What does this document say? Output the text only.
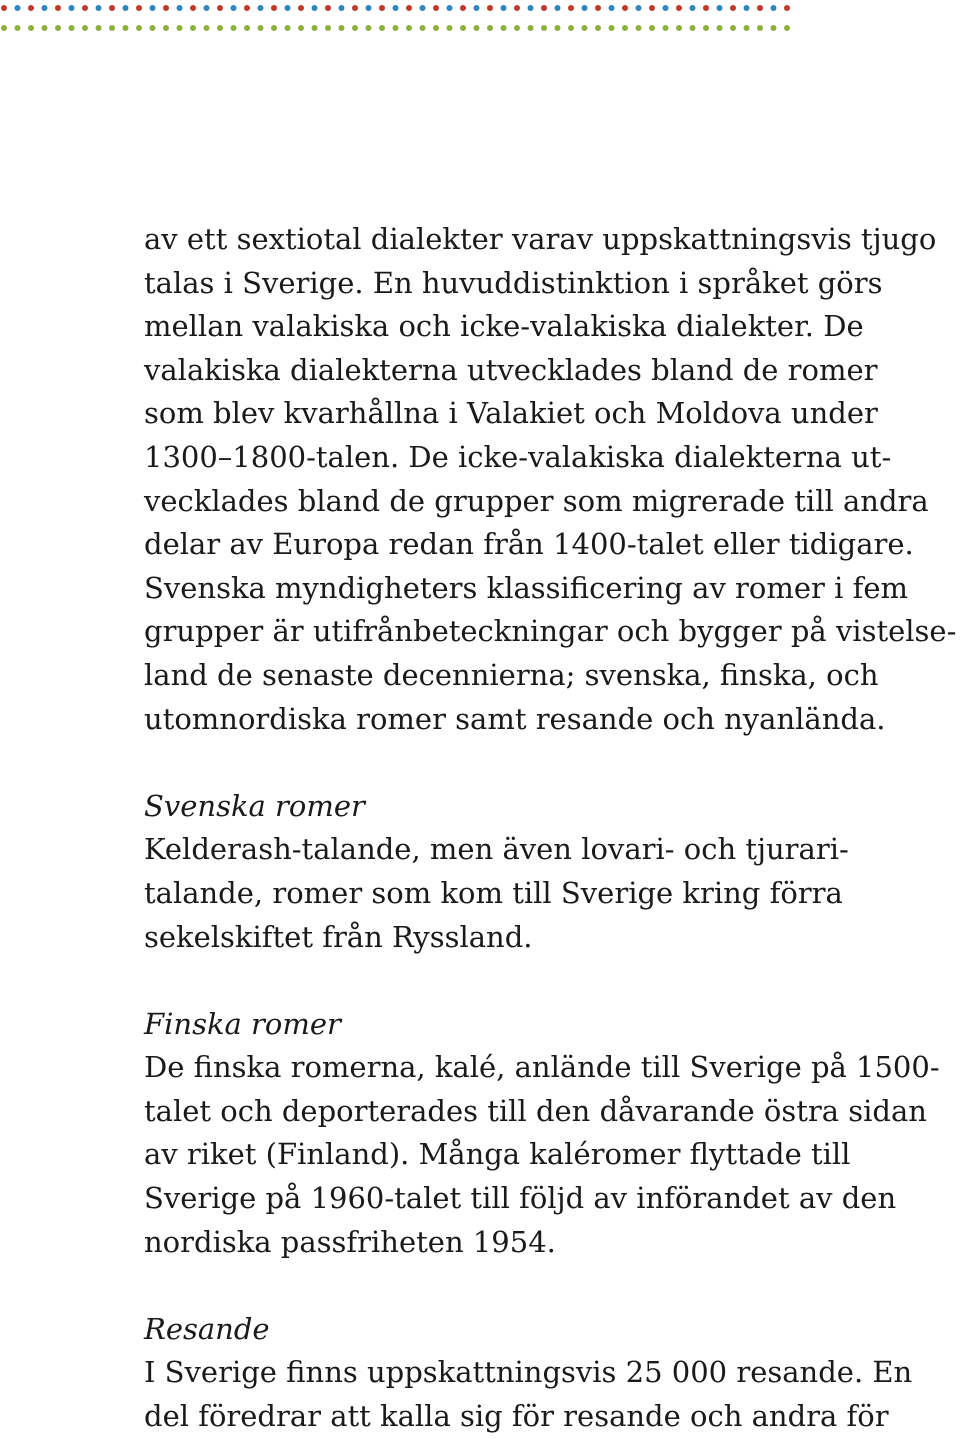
av ett sextiotal dialekter varav uppskattningsvis tjugo
talas i Sverige. En huvuddistinktion i språket görs
mellan valakiska och icke-valakiska dialekter. De
valakiska dialekterna utvecklades bland de romer
som blev kvarhållna i Valakiet och Moldova under
1300–1800-talen. De icke-valakiska dialekterna ut-
vecklades bland de grupper som migrerade till andra
delar av Europa redan från 1400-talet eller tidigare.
Svenska myndigheters klassificering av romer i fem
grupper är utifrånbeteckningar och bygger på vistelse-
land de senaste decennierna; svenska, finska, och
utomnordiska romer samt resande och nyanlända.
Svenska romer
Kelderash-talande, men även lovari- och tjurari-
talande, romer som kom till Sverige kring förra
sekelskiftet från Ryssland.
Finska romer
De finska romerna, kalé, anlände till Sverige på 1500-
talet och deporterades till den dåvarande östra sidan
av riket (Finland). Många kaléromer flyttade till
Sverige på 1960-talet till följd av införandet av den
nordiska passfriheten 1954.
Resande
I Sverige finns uppskattningsvis 25 000 resande. En
del föredrar att kalla sig för resande och andra för
